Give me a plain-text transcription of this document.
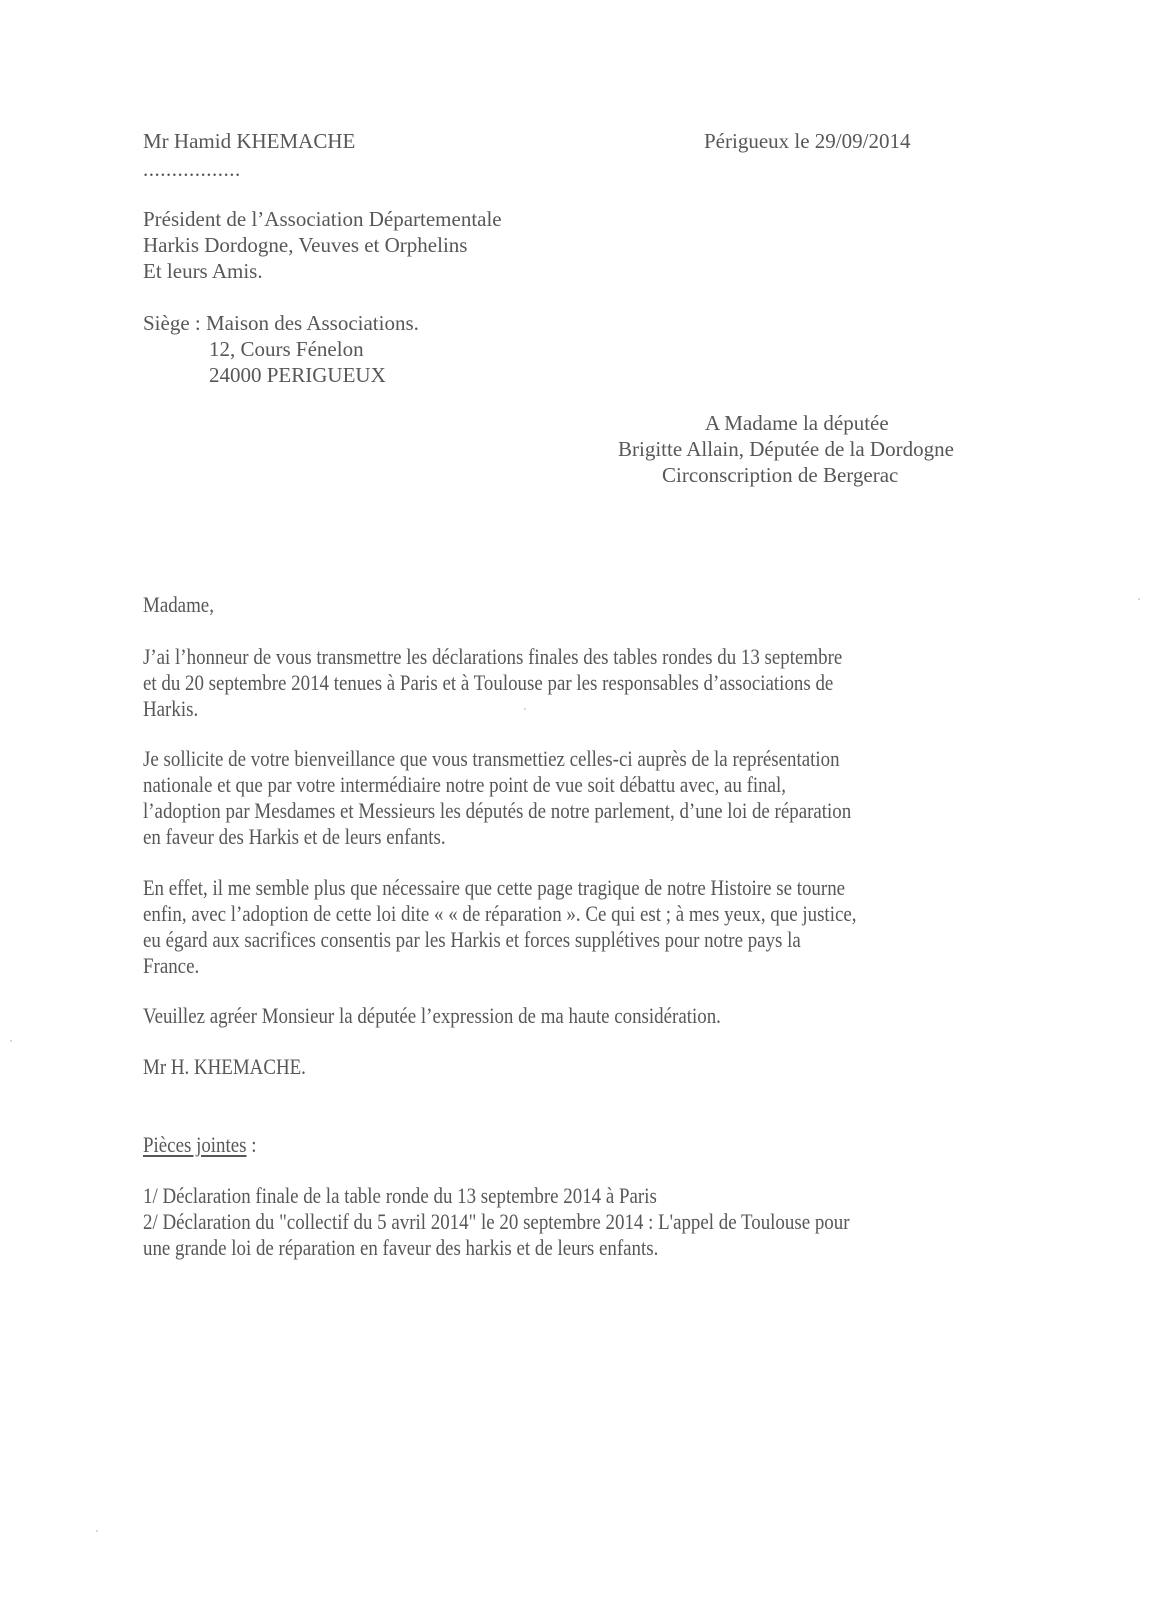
Mr Hamid KHEMACHE
.................
Président de l’Association Départementale
Harkis Dordogne, Veuves et Orphelins
Et leurs Amis.
Siège : Maison des Associations.
12, Cours Fénelon
24000 PERIGUEUX
Périgueux le 29/09/2014
A Madame la députée
Brigitte Allain, Députée de la Dordogne
Circonscription de Bergerac
Madame,
J’ai l’honneur de vous transmettre les déclarations finales des tables rondes du 13 septembre
et du 20 septembre 2014 tenues à Paris et à Toulouse par les responsables d’associations de
Harkis.
Je sollicite de votre bienveillance que vous transmettiez celles-ci auprès de la représentation
nationale et que par votre intermédiaire notre point de vue soit débattu avec, au final,
l’adoption par Mesdames et Messieurs les députés de notre parlement, d’une loi de réparation
en faveur des Harkis et de leurs enfants.
En effet, il me semble plus que nécessaire que cette page tragique de notre Histoire se tourne
enfin, avec l’adoption de cette loi dite « « de réparation ». Ce qui est ; à mes yeux, que justice,
eu égard aux sacrifices consentis par les Harkis et forces supplétives pour notre pays la
France.
Veuillez agréer Monsieur la députée l’expression de ma haute considération.
Mr H. KHEMACHE.
Pièces jointes :
1/ Déclaration finale de la table ronde du 13 septembre 2014 à Paris
2/ Déclaration du "collectif du 5 avril 2014" le 20 septembre 2014 : L'appel de Toulouse pour
une grande loi de réparation en faveur des harkis et de leurs enfants.
